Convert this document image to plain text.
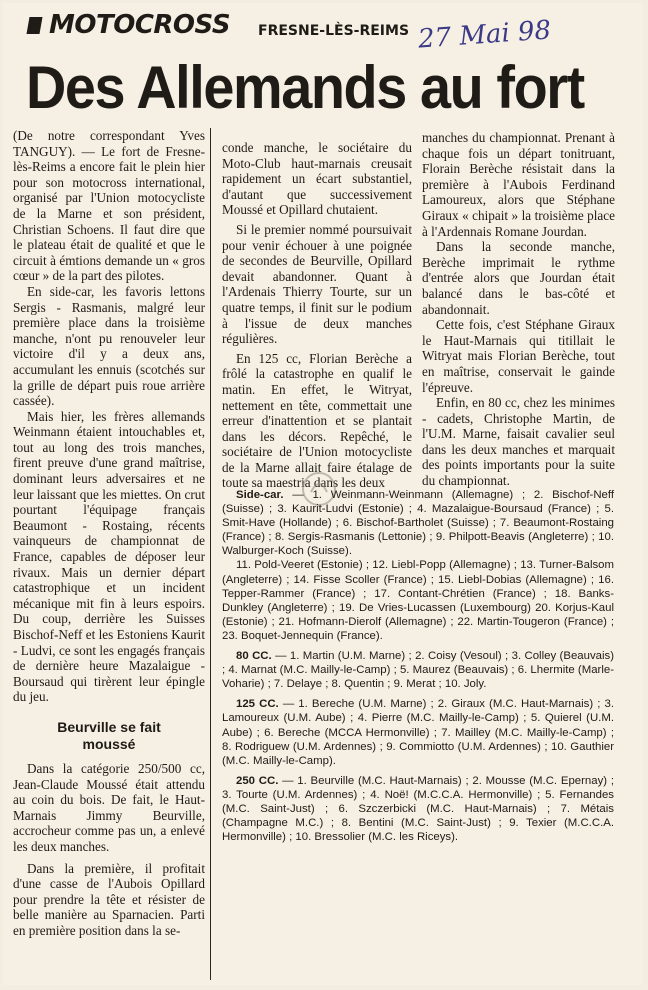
MOTOCROSS FRESNE-LÈS-REIMS 27 Mai 98
Des Allemands au fort

(De notre correspondant Yves TANGUY). — Le fort de Fresne-lès-Reims a encore fait le plein hier pour son motocross international, organisé par l'Union motocycliste de la Marne et son président, Christian Schoens. Il faut dire que le plateau était de qualité et que le circuit à émtions demande un « gros cœur » de la part des pilotes.

En side-car, les favoris lettons Sergis - Rasmanis, malgré leur première place dans la troisième manche, n'ont pu renouveler leur victoire d'il y a deux ans, accumulant les ennuis (scotchés sur la grille de départ puis roue arrière cassée).

Mais hier, les frères allemands Weinmann étaient intouchables et, tout au long des trois manches, firent preuve d'une grand maîtrise, dominant leurs adversaires et ne leur laissant que les miettes. On crut pourtant l'équipage français Beaumont - Rostaing, récents vainqueurs de championnat de France, capables de déposer leur rivaux. Mais un dernier départ catastrophique et un incident mécanique mit fin à leurs espoirs. Du coup, derrière les Suisses Bischof-Neff et les Estoniens Kaurit - Ludvi, ce sont les engagés français de dernière heure Mazalaigue - Boursaud qui tirèrent leur épingle du jeu.

Beurville se fait moussé

Dans la catégorie 250/500 cc, Jean-Claude Moussé était attendu au coin du bois. De fait, le Haut-Marnais Jimmy Beurville, accrocheur comme pas un, a enlevé les deux manches.

Dans la première, il profitait d'une casse de l'Aubois Opillard pour prendre la tête et résister de belle manière au Sparnacien. Parti en première position dans la se-

conde manche, le sociétaire du Moto-Club haut-marnais creusait rapidement un écart substantiel, d'autant que successivement Moussé et Opillard chutaient.

Si le premier nommé poursuivait pour venir échouer à une poignée de secondes de Beurville, Opillard devait abandonner. Quant à l'Ardenais Thierry Tourte, sur un quatre temps, il finit sur le podium à l'issue de deux manches régulières.

En 125 cc, Florian Berèche a frôlé la catastrophe en qualif le matin. En effet, le Witryat, nettement en tête, commettait une erreur d'inattention et se plantait dans les décors. Repêché, le sociétaire de l'Union motocycliste de la Marne allait faire étalage de toute sa maestria dans les deux

manches du championnat. Prenant à chaque fois un départ tonitruant, Florain Berèche résistait dans la première à l'Aubois Ferdinand Lamoureux, alors que Stéphane Giraux « chipait » la troisième place à l'Ardennais Romane Jourdan.

Dans la seconde manche, Berèche imprimait le rythme d'entrée alors que Jourdan était balancé dans le bas-côté et abandonnait.

Cette fois, c'est Stéphane Giraux le Haut-Marnais qui titillait le Witryat mais Florian Berèche, tout en maîtrise, conservait le gainde l'épreuve.

Enfin, en 80 cc, chez les minimes - cadets, Christophe Martin, de l'U.M. Marne, faisait cavalier seul dans les deux manches et marquait des points importants pour la suite du championnat.

Side-car. — 1. Weinmann-Weinmann (Allemagne) ; 2. Bischof-Neff (Suisse) ; 3. Kaurit-Ludvi (Estonie) ; 4. Mazalaigue-Boursaud (France) ; 5. Smit-Have (Hollande) ; 6. Bischof-Bartholet (Suisse) ; 7. Beaumont-Rostaing (France) ; 8. Sergis-Rasmanis (Lettonie) ; 9. Philpott-Beavis (Angleterre) ; 10. Walburger-Koch (Suisse).

11. Pold-Veeret (Estonie) ; 12. Liebl-Popp (Allemagne) ; 13. Turner-Balsom (Angleterre) ; 14. Fisse Scoller (France) ; 15. Liebl-Dobias (Allemagne) ; 16. Tepper-Rammer (France) ; 17. Contant-Chrétien (France) ; 18. Banks-Dunkley (Angleterre) ; 19. De Vries-Lucassen (Luxembourg) 20. Korjus-Kaul (Estonie) ; 21. Hofmann-Dierolf (Allemagne) ; 22. Martin-Tougeron (France) ; 23. Boquet-Jennequin (France).

80 CC. — 1. Martin (U.M. Marne) ; 2. Coisy (Vesoul) ; 3. Colley (Beauvais) ; 4. Marnat (M.C. Mailly-le-Camp) ; 5. Maurez (Beauvais) ; 6. Lhermite (Marle-Voharie) ; 7. Delaye ; 8. Quentin ; 9. Merat ; 10. Joly.

125 CC. — 1. Bereche (U.M. Marne) ; 2. Giraux (M.C. Haut-Marnais) ; 3. Lamoureux (U.M. Aube) ; 4. Pierre (M.C. Mailly-le-Camp) ; 5. Quierel (U.M. Aube) ; 6. Bereche (MCCA Hermonville) ; 7. Mailley (M.C. Mailly-le-Camp) ; 8. Rodriguew (U.M. Ardennes) ; 9. Commiotto (U.M. Ardennes) ; 10. Gauthier (M.C. Mailly-le-Camp).

250 CC. — 1. Beurville (M.C. Haut-Marnais) ; 2. Mousse (M.C. Epernay) ; 3. Tourte (U.M. Ardennes) ; 4. Noë! (M.C.C.A. Hermonville) ; 5. Fernandes (M.C. Saint-Just) ; 6. Szczerbicki (M.C. Haut-Marnais) ; 7. Métais (Champagne M.C.) ; 8. Bentini (M.C. Saint-Just) ; 9. Texier (M.C.C.A. Hermonville) ; 10. Bressolier (M.C. les Riceys).
